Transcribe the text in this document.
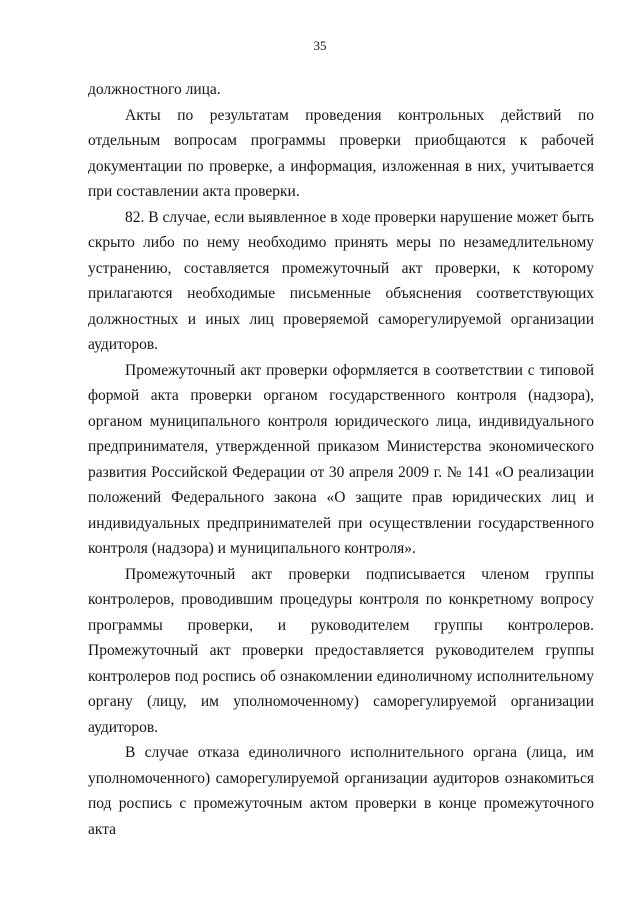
35

должностного лица.

Акты по результатам проведения контрольных действий по отдельным вопросам программы проверки приобщаются к рабочей документации по проверке, а информация, изложенная в них, учитывается при составлении акта проверки.

82. В случае, если выявленное в ходе проверки нарушение может быть скрыто либо по нему необходимо принять меры по незамедлительному устранению, составляется промежуточный акт проверки, к которому прилагаются необходимые письменные объяснения соответствующих должностных и иных лиц проверяемой саморегулируемой организации аудиторов.

Промежуточный акт проверки оформляется в соответствии с типовой формой акта проверки органом государственного контроля (надзора), органом муниципального контроля юридического лица, индивидуального предпринимателя, утвержденной приказом Министерства экономического развития Российской Федерации от 30 апреля 2009 г. № 141 «О реализации положений Федерального закона «О защите прав юридических лиц и индивидуальных предпринимателей при осуществлении государственного контроля (надзора) и муниципального контроля».

Промежуточный акт проверки подписывается членом группы контролеров, проводившим процедуры контроля по конкретному вопросу программы проверки, и руководителем группы контролеров. Промежуточный акт проверки предоставляется руководителем группы контролеров под роспись об ознакомлении единоличному исполнительному органу (лицу, им уполномоченному) саморегулируемой организации аудиторов.

В случае отказа единоличного исполнительного органа (лица, им уполномоченного) саморегулируемой организации аудиторов ознакомиться под роспись с промежуточным актом проверки в конце промежуточного акта
